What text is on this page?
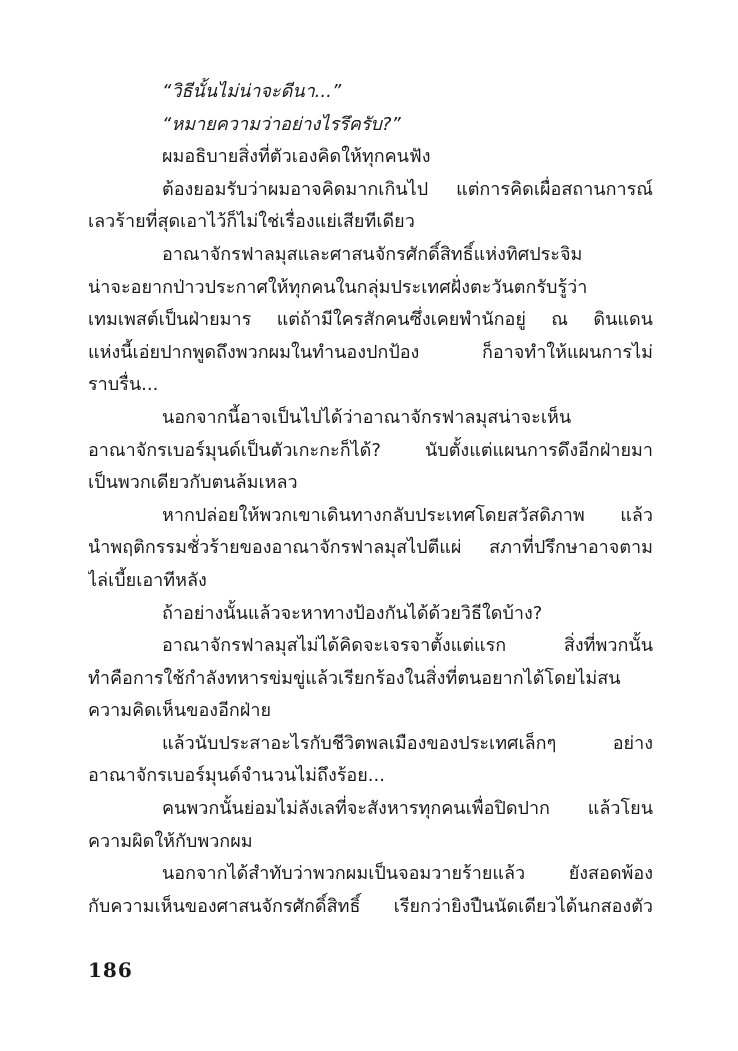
“วิธีนั้นไม่น่าจะดีนา...”
“หมายความว่าอย่างไรรึครับ?”
ผมอธิบายสิ่งที่ตัวเองคิดให้ทุกคนฟัง
ต้องยอมรับว่าผมอาจคิดมากเกินไป แต่การคิดเผื่อสถานการณ์
เลวร้ายที่สุดเอาไว้ก็ไม่ใช่เรื่องแย่เสียทีเดียว
อาณาจักรฟาลมุสและศาสนจักรศักดิ์สิทธิ์แห่งทิศประจิม
น่าจะอยากป่าวประกาศให้ทุกคนในกลุ่มประเทศฝั่งตะวันตกรับรู้ว่า
เทมเพสต์เป็นฝ่ายมาร แต่ถ้ามีใครสักคนซึ่งเคยพำนักอยู่ ณ ดินแดน
แห่งนี้เอ่ยปากพูดถึงพวกผมในทำนองปกป้อง ก็อาจทำให้แผนการไม่
ราบรื่น...
นอกจากนี้อาจเป็นไปได้ว่าอาณาจักรฟาลมุสน่าจะเห็น
อาณาจักรเบอร์มุนด์เป็นตัวเกะกะก็ได้? นับตั้งแต่แผนการดึงอีกฝ่ายมา
เป็นพวกเดียวกับตนล้มเหลว
หากปล่อยให้พวกเขาเดินทางกลับประเทศโดยสวัสดิภาพ แล้ว
นำพฤติกรรมชั่วร้ายของอาณาจักรฟาลมุสไปตีแผ่ สภาที่ปรึกษาอาจตาม
ไล่เบี้ยเอาทีหลัง
ถ้าอย่างนั้นแล้วจะหาทางป้องกันได้ด้วยวิธีใดบ้าง?
อาณาจักรฟาลมุสไม่ได้คิดจะเจรจาตั้งแต่แรก สิ่งที่พวกนั้น
ทำคือการใช้กำลังทหารข่มขู่แล้วเรียกร้องในสิ่งที่ตนอยากได้โดยไม่สน
ความคิดเห็นของอีกฝ่าย
แล้วนับประสาอะไรกับชีวิตพลเมืองของประเทศเล็กๆ อย่าง
อาณาจักรเบอร์มุนด์จำนวนไม่ถึงร้อย...
คนพวกนั้นย่อมไม่ลังเลที่จะสังหารทุกคนเพื่อปิดปาก แล้วโยน
ความผิดให้กับพวกผม
นอกจากได้สำทับว่าพวกผมเป็นจอมวายร้ายแล้ว ยังสอดพ้อง
กับความเห็นของศาสนจักรศักดิ์สิทธิ์ เรียกว่ายิงปืนนัดเดียวได้นกสองตัว
186
